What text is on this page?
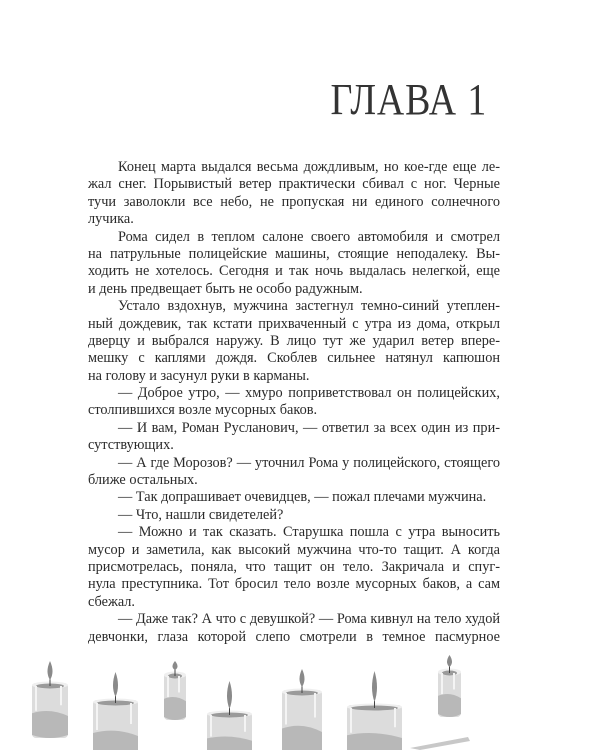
ГЛАВА 1
Конец марта выдался весьма дождливым, но кое-где еще ле-
жал снег. Порывистый ветер практически сбивал с ног. Черные
тучи заволокли все небо, не пропуская ни единого солнечного
лучика.
Рома сидел в теплом салоне своего автомобиля и смотрел
на патрульные полицейские машины, стоящие неподалеку. Вы-
ходить не хотелось. Сегодня и так ночь выдалась нелегкой, еще
и день предвещает быть не особо радужным.
Устало вздохнув, мужчина застегнул темно-синий утеплен-
ный дождевик, так кстати прихваченный с утра из дома, открыл
дверцу и выбрался наружу. В лицо тут же ударил ветер впере-
мешку с каплями дождя. Скоблев сильнее натянул капюшон
на голову и засунул руки в карманы.
— Доброе утро, — хмуро поприветствовал он полицейских,
столпившихся возле мусорных баков.
— И вам, Роман Русланович, — ответил за всех один из при-
сутствующих.
— А где Морозов? — уточнил Рома у полицейского, стоящего
ближе остальных.
— Так допрашивает очевидцев, — пожал плечами мужчина.
— Что, нашли свидетелей?
— Можно и так сказать. Старушка пошла с утра выносить
мусор и заметила, как высокий мужчина что-то тащит. А когда
присмотрелась, поняла, что тащит он тело. Закричала и спуг-
нула преступника. Тот бросил тело возле мусорных баков, а сам
сбежал.
— Даже так? А что с девушкой? — Рома кивнул на тело худой
девчонки, глаза которой слепо смотрели в темное пасмурное
